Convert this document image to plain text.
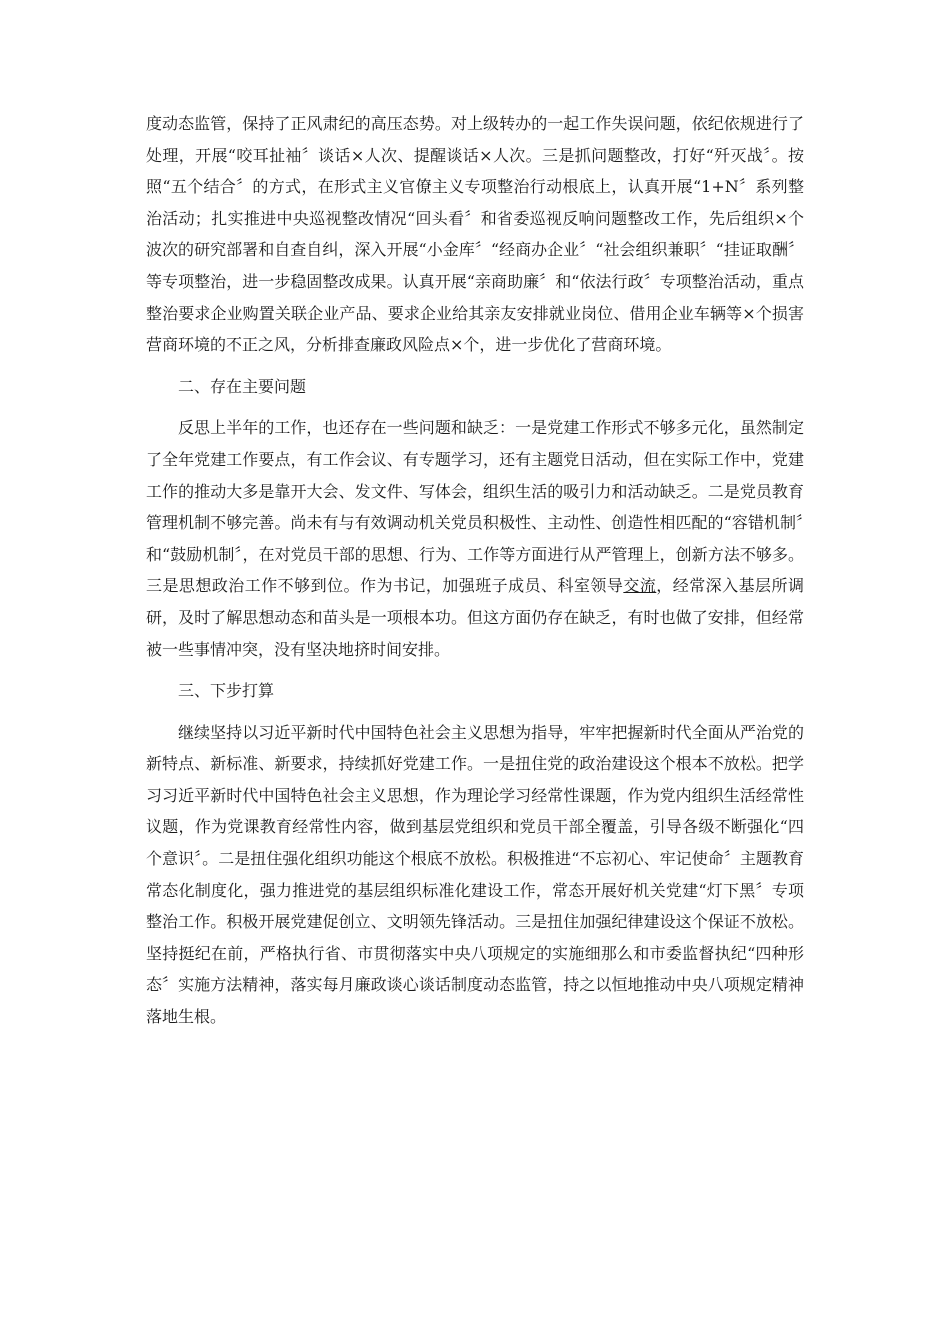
度动态监管，保持了正风肃纪的高压态势。对上级转办的一起工作失误问题，依纪依规进行了处理，开展“咬耳扯袖〞谈话×人次、提醒谈话×人次。三是抓问题整改，打好“歼灭战〞。按照“五个结合〞的方式，在形式主义官僚主义专项整治行动根底上，认真开展“1+N〞系列整治活动；扎实推进中央巡视整改情况“回头看〞和省委巡视反响问题整改工作，先后组织×个波次的研究部署和自查自纠，深入开展“小金库〞“经商办企业〞“社会组织兼职〞“挂证取酬〞等专项整治，进一步稳固整改成果。认真开展“亲商助廉〞和“依法行政〞专项整治活动，重点整治要求企业购置关联企业产品、要求企业给其亲友安排就业岗位、借用企业车辆等×个损害营商环境的不正之风，分析排查廉政风险点×个，进一步优化了营商环境。

二、存在主要问题

反思上半年的工作，也还存在一些问题和缺乏：一是党建工作形式不够多元化，虽然制定了全年党建工作要点，有工作会议、有专题学习，还有主题党日活动，但在实际工作中，党建工作的推动大多是靠开大会、发文件、写体会，组织生活的吸引力和活动缺乏。二是党员教育管理机制不够完善。尚未有与有效调动机关党员积极性、主动性、创造性相匹配的“容错机制〞和“鼓励机制〞，在对党员干部的思想、行为、工作等方面进行从严管理上，创新方法不够多。三是思想政治工作不够到位。作为书记，加强班子成员、科室领导交流，经常深入基层所调研，及时了解思想动态和苗头是一项根本功。但这方面仍存在缺乏，有时也做了安排，但经常被一些事情冲突，没有坚决地挤时间安排。

三、下步打算

继续坚持以习近平新时代中国特色社会主义思想为指导，牢牢把握新时代全面从严治党的新特点、新标准、新要求，持续抓好党建工作。一是扭住党的政治建设这个根本不放松。把学习习近平新时代中国特色社会主义思想，作为理论学习经常性课题，作为党内组织生活经常性议题，作为党课教育经常性内容，做到基层党组织和党员干部全覆盖，引导各级不断强化“四个意识〞。二是扭住强化组织功能这个根底不放松。积极推进“不忘初心、牢记使命〞主题教育常态化制度化，强力推进党的基层组织标准化建设工作，常态开展好机关党建“灯下黑〞专项整治工作。积极开展党建促创立、文明领先锋活动。三是扭住加强纪律建设这个保证不放松。坚持挺纪在前，严格执行省、市贯彻落实中央八项规定的实施细那么和市委监督执纪“四种形态〞实施方法精神，落实每月廉政谈心谈话制度动态监管，持之以恒地推动中央八项规定精神落地生根。
